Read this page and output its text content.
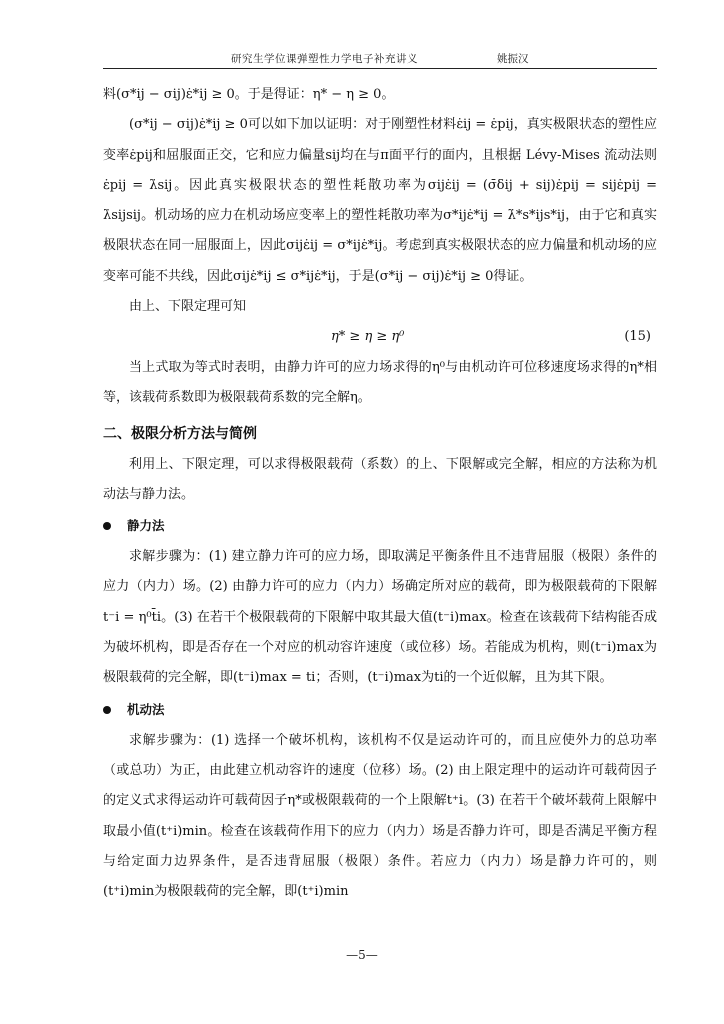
研究生学位课弹塑性力学电子补充讲义	姚振汉

料(σ*ij − σij)ε̇*ij ≥ 0。于是得证：η* − η ≥ 0。

(σ*ij − σij)ε̇*ij ≥ 0可以如下加以证明：对于刚塑性材料ε̇ij = ε̇pij，真实极限状态的塑性应变率ε̇pij和屈服面正交，它和应力偏量sij均在与π面平行的面内，且根据 Lévy-Mises 流动法则ε̇pij = λ̇sij。因此真实极限状态的塑性耗散功率为σijε̇ij = (σ̄δij + sij)ε̇pij = sijε̇pij = λ̇sijsij。机动场的应力在机动场应变率上的塑性耗散功率为σ*ijε̇*ij = λ̇*s*ijs*ij，由于它和真实极限状态在同一屈服面上，因此σijε̇ij = σ*ijε̇*ij。考虑到真实极限状态的应力偏量和机动场的应变率可能不共线，因此σijε̇*ij ≤ σ*ijε̇*ij，于是(σ*ij − σij)ε̇*ij ≥ 0得证。

由上、下限定理可知

η* ≥ η ≥ η⁰	(15)

当上式取为等式时表明，由静力许可的应力场求得的η⁰与由机动许可位移速度场求得的η*相等，该载荷系数即为极限载荷系数的完全解η。

二、极限分析方法与简例

利用上、下限定理，可以求得极限载荷（系数）的上、下限解或完全解，相应的方法称为机动法与静力法。

静力法

求解步骤为：(1) 建立静力许可的应力场，即取满足平衡条件且不违背屈服（极限）条件的应力（内力）场。(2) 由静力许可的应力（内力）场确定所对应的载荷，即为极限载荷的下限解 t⁻i = η⁰t̄i。(3) 在若干个极限载荷的下限解中取其最大值(t⁻i)max。检查在该载荷下结构能否成为破坏机构，即是否存在一个对应的机动容许速度（或位移）场。若能成为机构，则(t⁻i)max为极限载荷的完全解，即(t⁻i)max = ti；否则，(t⁻i)max为ti的一个近似解，且为其下限。

机动法

求解步骤为：(1) 选择一个破坏机构，该机构不仅是运动许可的，而且应使外力的总功率（或总功）为正，由此建立机动容许的速度（位移）场。(2) 由上限定理中的运动许可载荷因子的定义式求得运动许可载荷因子η*或极限载荷的一个上限解t⁺i。(3) 在若干个破坏载荷上限解中取最小值(t⁺i)min。检查在该载荷作用下的应力（内力）场是否静力许可，即是否满足平衡方程与给定面力边界条件，是否违背屈服（极限）条件。若应力（内力）场是静力许可的，则(t⁺i)min为极限载荷的完全解，即(t⁺i)min

—5—
